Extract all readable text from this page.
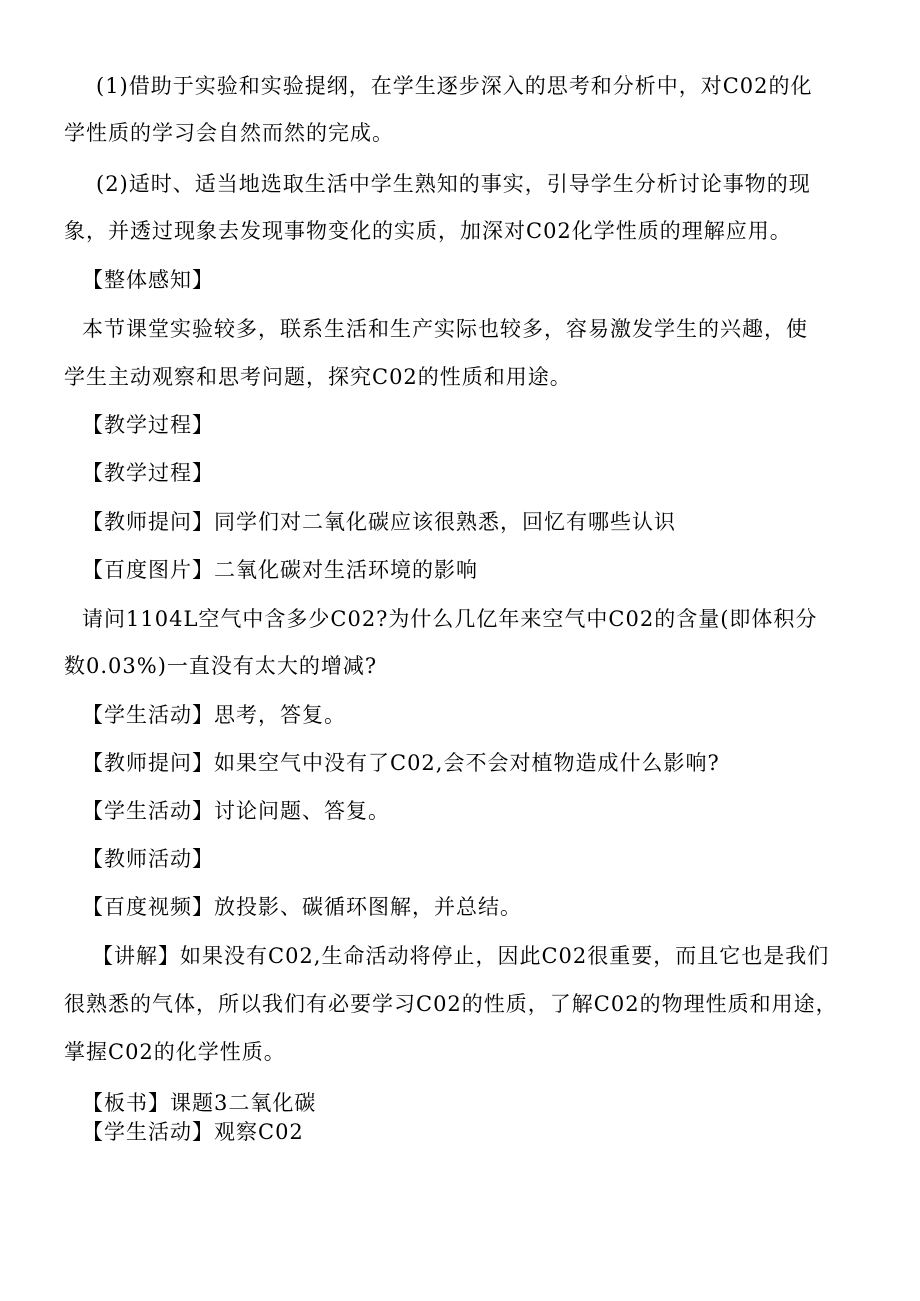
(1)借助于实验和实验提纲，在学生逐步深入的思考和分析中，对C02的化
学性质的学习会自然而然的完成。
(2)适时、适当地选取生活中学生熟知的事实，引导学生分析讨论事物的现
象，并透过现象去发现事物变化的实质，加深对C02化学性质的理解应用。
【整体感知】
本节课堂实验较多，联系生活和生产实际也较多，容易激发学生的兴趣，使
学生主动观察和思考问题，探究C02的性质和用途。
【教学过程】
【教学过程】
【教师提问】同学们对二氧化碳应该很熟悉，回忆有哪些认识
【百度图片】二氧化碳对生活环境的影响
请问1104L空气中含多少C02?为什么几亿年来空气中C02的含量(即体积分
数0.03%)一直没有太大的增减?
【学生活动】思考，答复。
【教师提问】如果空气中没有了C02,会不会对植物造成什么影响?
【学生活动】讨论问题、答复。
【教师活动】
【百度视频】放投影、碳循环图解，并总结。
【讲解】如果没有C02,生命活动将停止，因此C02很重要，而且它也是我们
很熟悉的气体，所以我们有必要学习C02的性质，了解C02的物理性质和用途，
掌握C02的化学性质。
【板书】课题3二氧化碳
【学生活动】观察C02
